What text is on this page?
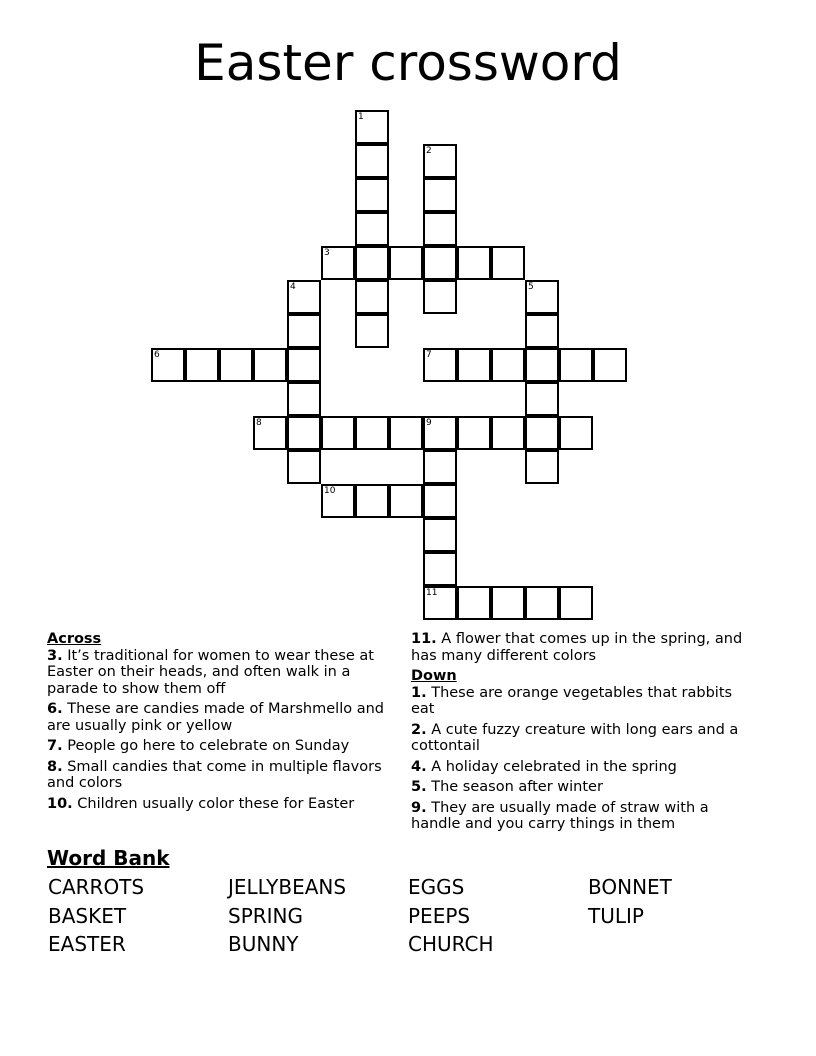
Easter crossword
1
2
3
4	5
6	7
8	9
11
10
Across
3. It’s traditional for women to wear these at Easter on their heads, and often walk in a parade to show them off
6. These are candies made of Marshmello and are usually pink or yellow
7. People go here to celebrate on Sunday
8. Small candies that come in multiple flavors and colors
10. Children usually color these for Easter
11. A flower that comes up in the spring, and has many different colors
Down
1. These are orange vegetables that rabbits eat
2. A cute fuzzy creature with long ears and a cottontail
4. A holiday celebrated in the spring
5. The season after winter
9. They are usually made of straw with a handle and you carry things in them
Word Bank
CARROTS	JELLYBEANS	EGGS	BONNET
BASKET	SPRING	PEEPS	TULIP
EASTER	BUNNY	CHURCH
